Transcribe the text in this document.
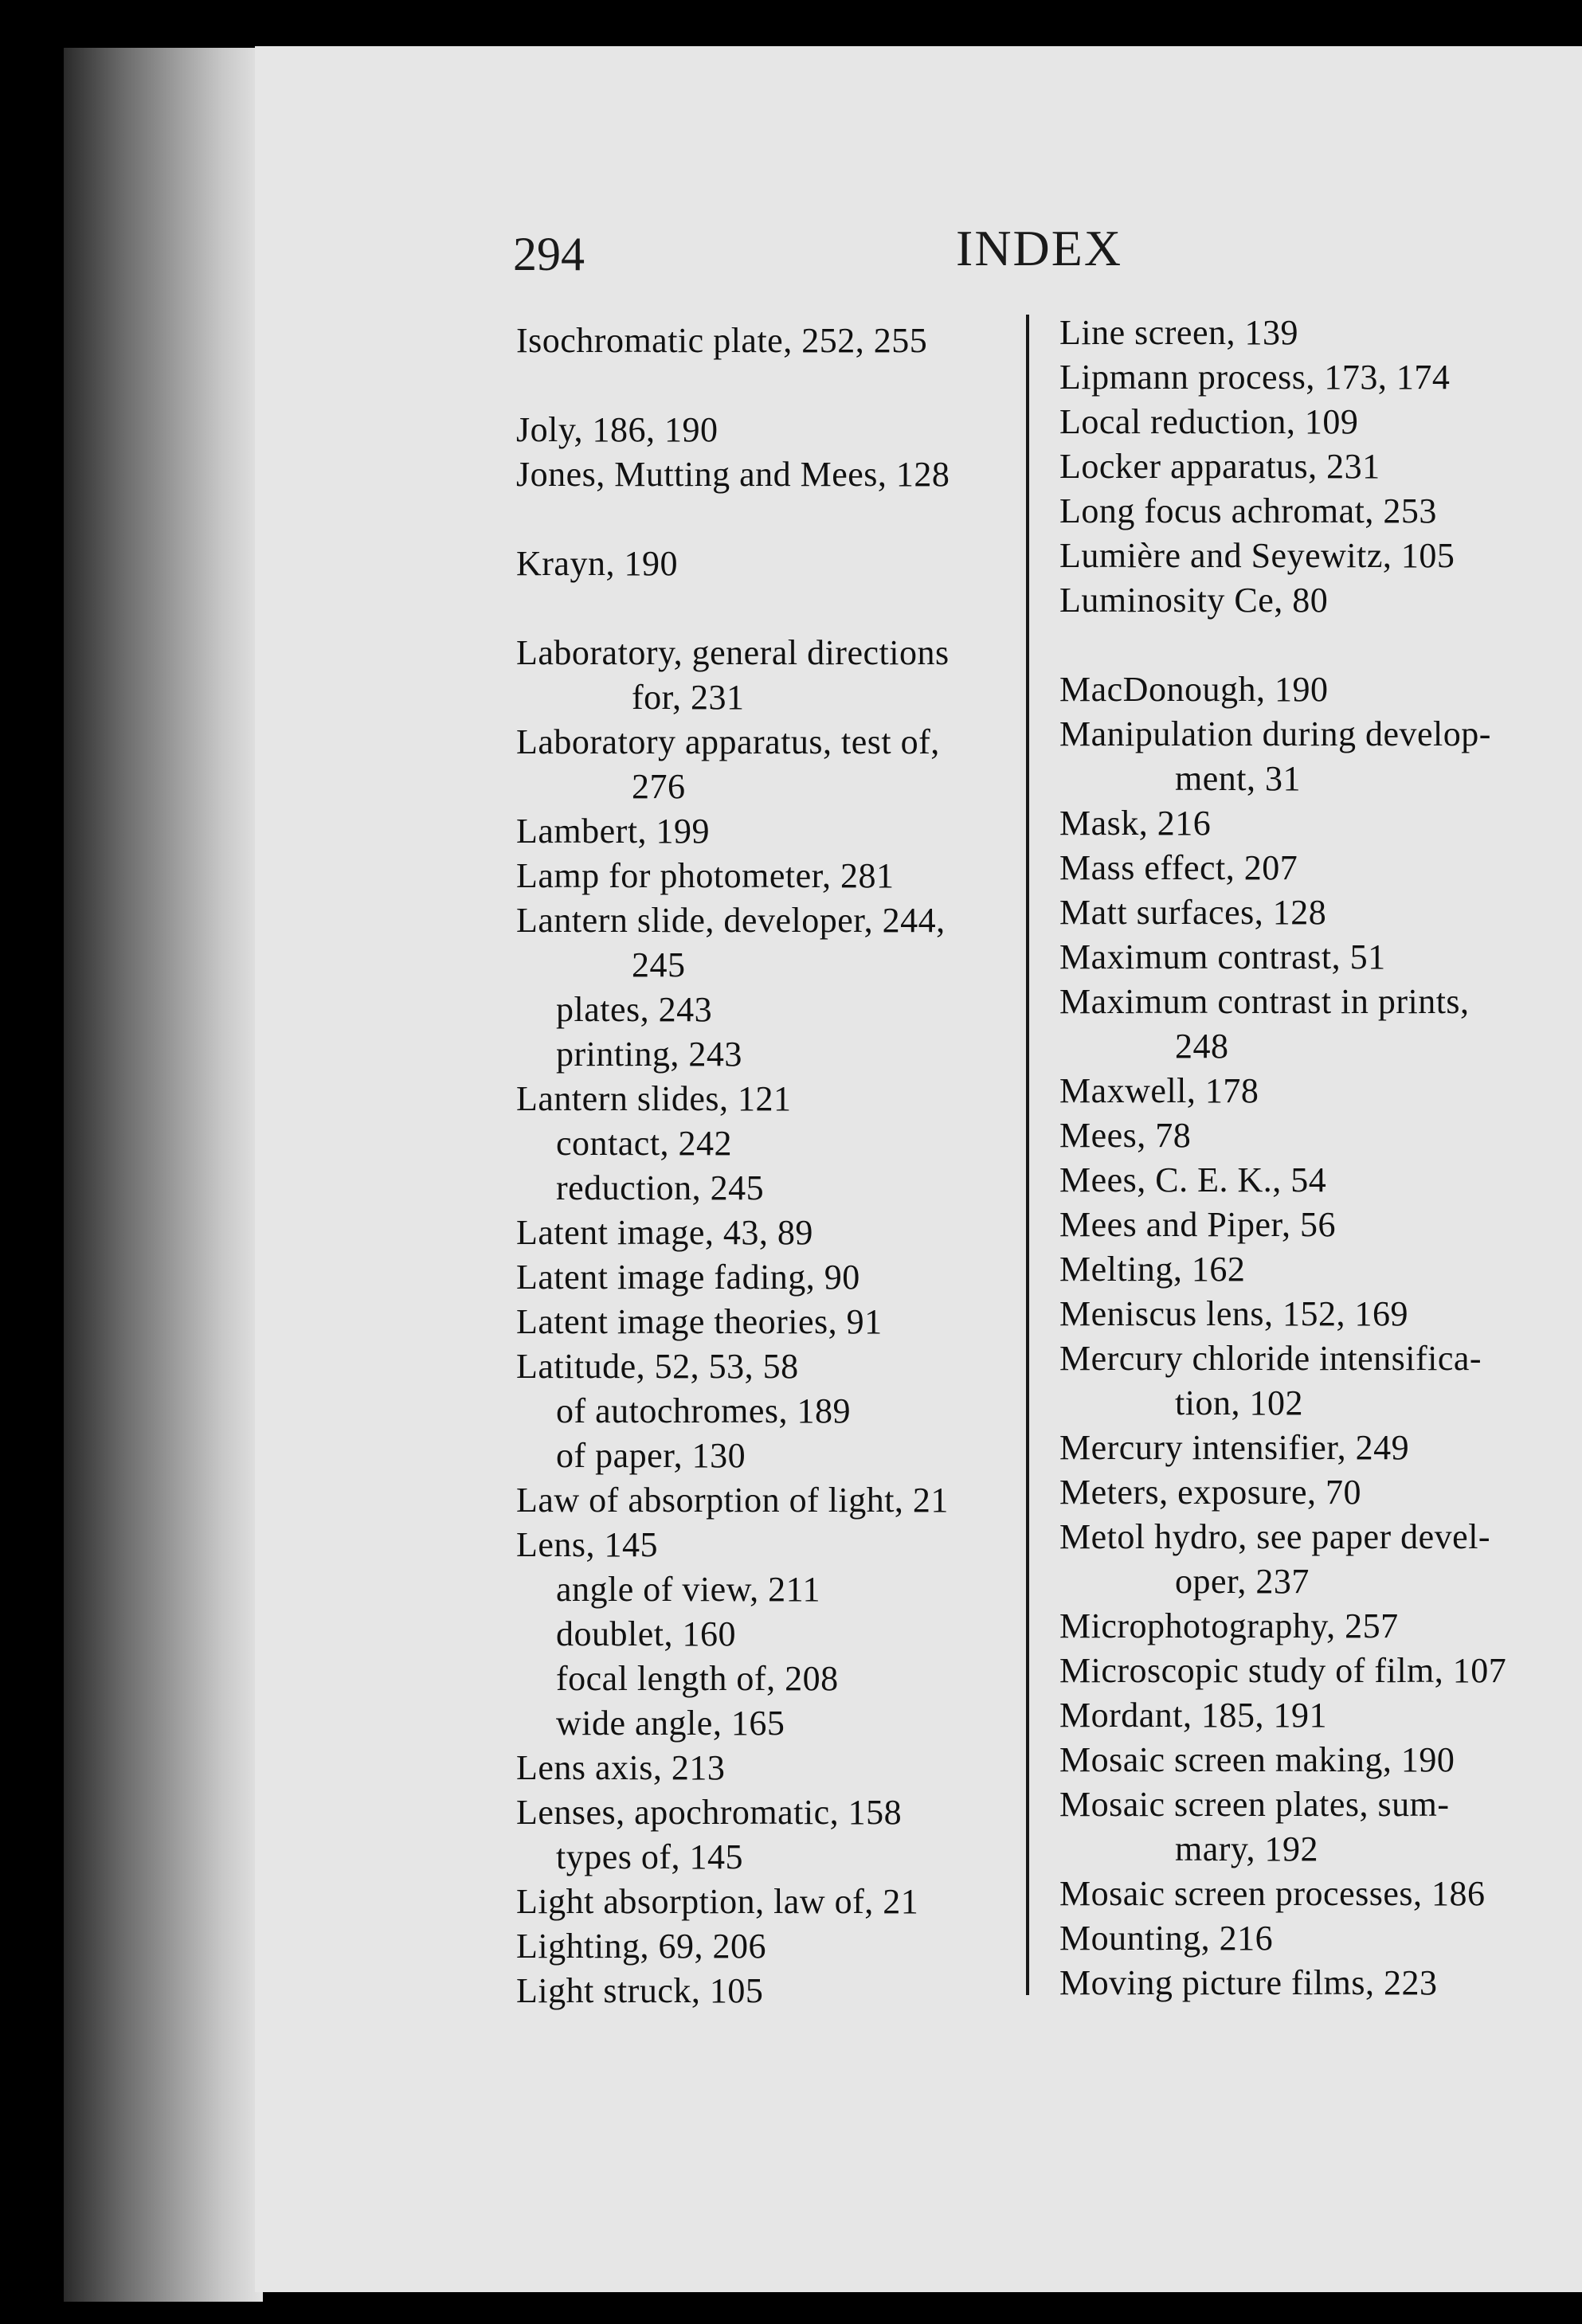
294	INDEX
Isochromatic plate, 252, 255
Joly, 186, 190
Jones, Mutting and Mees, 128
Krayn, 190
Laboratory, general directions
for, 231
Laboratory apparatus, test of,
276
Lambert, 199
Lamp for photometer, 281
Lantern slide, developer, 244,
245
plates, 243
printing, 243
Lantern slides, 121
contact, 242
reduction, 245
Latent image, 43, 89
Latent image fading, 90
Latent image theories, 91
Latitude, 52, 53, 58
of autochromes, 189
of paper, 130
Law of absorption of light, 21
Lens, 145
angle of view, 211
doublet, 160
focal length of, 208
wide angle, 165
Lens axis, 213
Lenses, apochromatic, 158
types of, 145
Light absorption, law of, 21
Lighting, 69, 206
Light struck, 105
Line screen, 139
Lipmann process, 173, 174
Local reduction, 109
Locker apparatus, 231
Long focus achromat, 253
Lumière and Seyewitz, 105
Luminosity Ce, 80
MacDonough, 190
Manipulation during develop-
ment, 31
Mask, 216
Mass effect, 207
Matt surfaces, 128
Maximum contrast, 51
Maximum contrast in prints,
248
Maxwell, 178
Mees, 78
Mees, C. E. K., 54
Mees and Piper, 56
Melting, 162
Meniscus lens, 152, 169
Mercury chloride intensifica-
tion, 102
Mercury intensifier, 249
Meters, exposure, 70
Metol hydro, see paper devel-
oper, 237
Microphotography, 257
Microscopic study of film, 107
Mordant, 185, 191
Mosaic screen making, 190
Mosaic screen plates, sum-
mary, 192
Mosaic screen processes, 186
Mounting, 216
Moving picture films, 223
